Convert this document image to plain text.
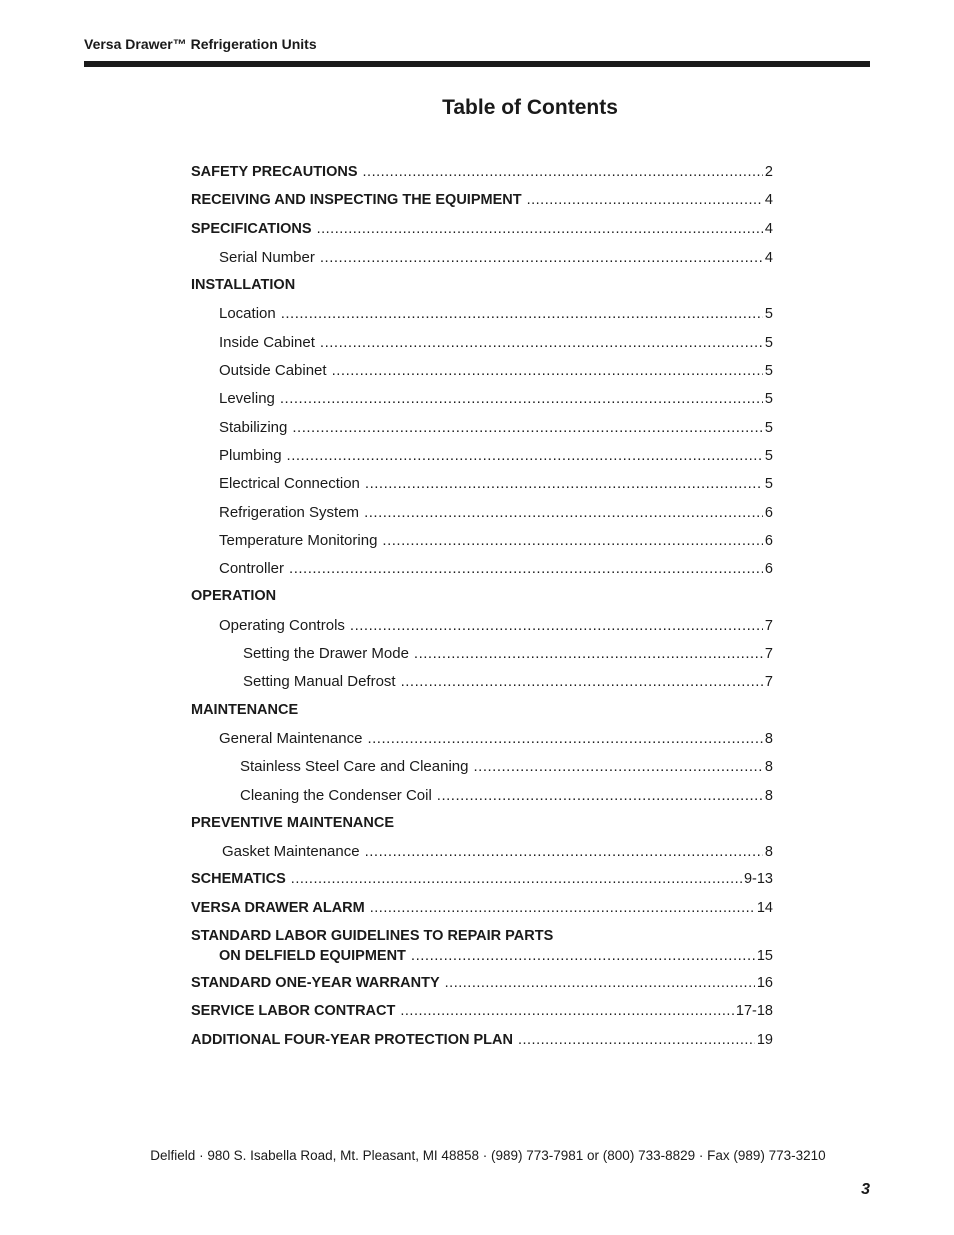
Versa Drawer™ Refrigeration Units
Table of Contents
SAFETY PRECAUTIONS .....	2
RECEIVING AND INSPECTING THE EQUIPMENT .....	4
SPECIFICATIONS .....	4
Serial Number .....	4
INSTALLATION
Location .....	5
Inside Cabinet .....	5
Outside Cabinet .....	5
Leveling .....	5
Stabilizing .....	5
Plumbing .....	5
Electrical Connection .....	5
Refrigeration System .....	6
Temperature Monitoring .....	6
Controller .....	6
OPERATION
Operating Controls .....	7
Setting the Drawer Mode .....	7
Setting Manual Defrost .....	7
MAINTENANCE
General Maintenance .....	8
Stainless Steel Care and Cleaning .....	8
Cleaning the Condenser Coil .....	8
PREVENTIVE MAINTENANCE
Gasket Maintenance .....	8
SCHEMATICS .....	9-13
VERSA DRAWER ALARM .....	14
STANDARD LABOR GUIDELINES TO REPAIR PARTS
ON DELFIELD EQUIPMENT .....	15
STANDARD ONE-YEAR WARRANTY .....	16
SERVICE LABOR CONTRACT .....	17-18
ADDITIONAL FOUR-YEAR PROTECTION PLAN .....	19
Delfield · 980 S. Isabella Road, Mt. Pleasant, MI 48858 · (989) 773-7981 or (800) 733-8829 · Fax (989) 773-3210
3
